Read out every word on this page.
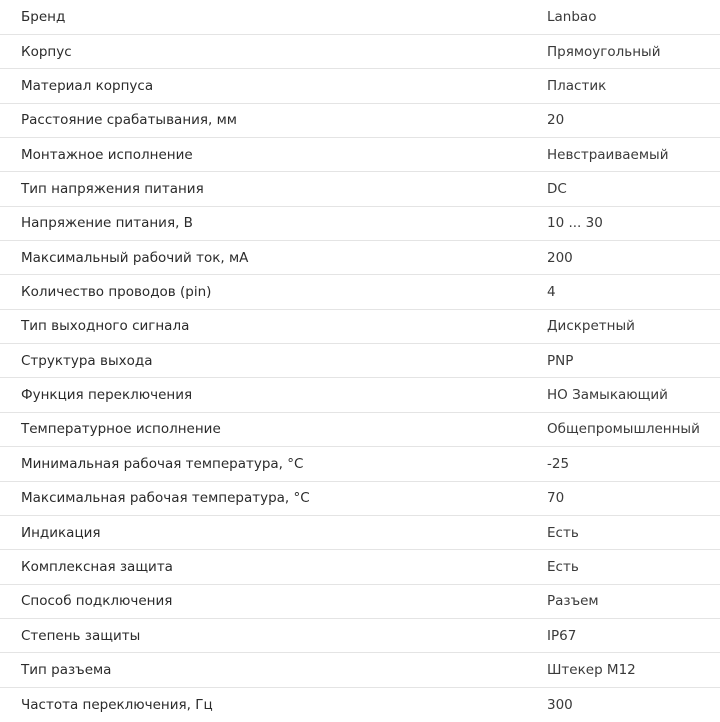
Бренд	Lanbao
Корпус	Прямоугольный
Материал корпуса	Пластик
Расстояние срабатывания, мм	20
Монтажное исполнение	Невстраиваемый
Тип напряжения питания	DC
Напряжение питания, В	10 ... 30
Максимальный рабочий ток, мА	200
Количество проводов (pin)	4
Тип выходного сигнала	Дискретный
Структура выхода	PNP
Функция переключения	НО Замыкающий
Температурное исполнение	Общепромышленный
Минимальная рабочая температура, °С	-25
Максимальная рабочая температура, °С	70
Индикация	Есть
Комплексная защита	Есть
Способ подключения	Разъем
Степень защиты	IP67
Тип разъема	Штекер M12
Частота переключения, Гц	300
